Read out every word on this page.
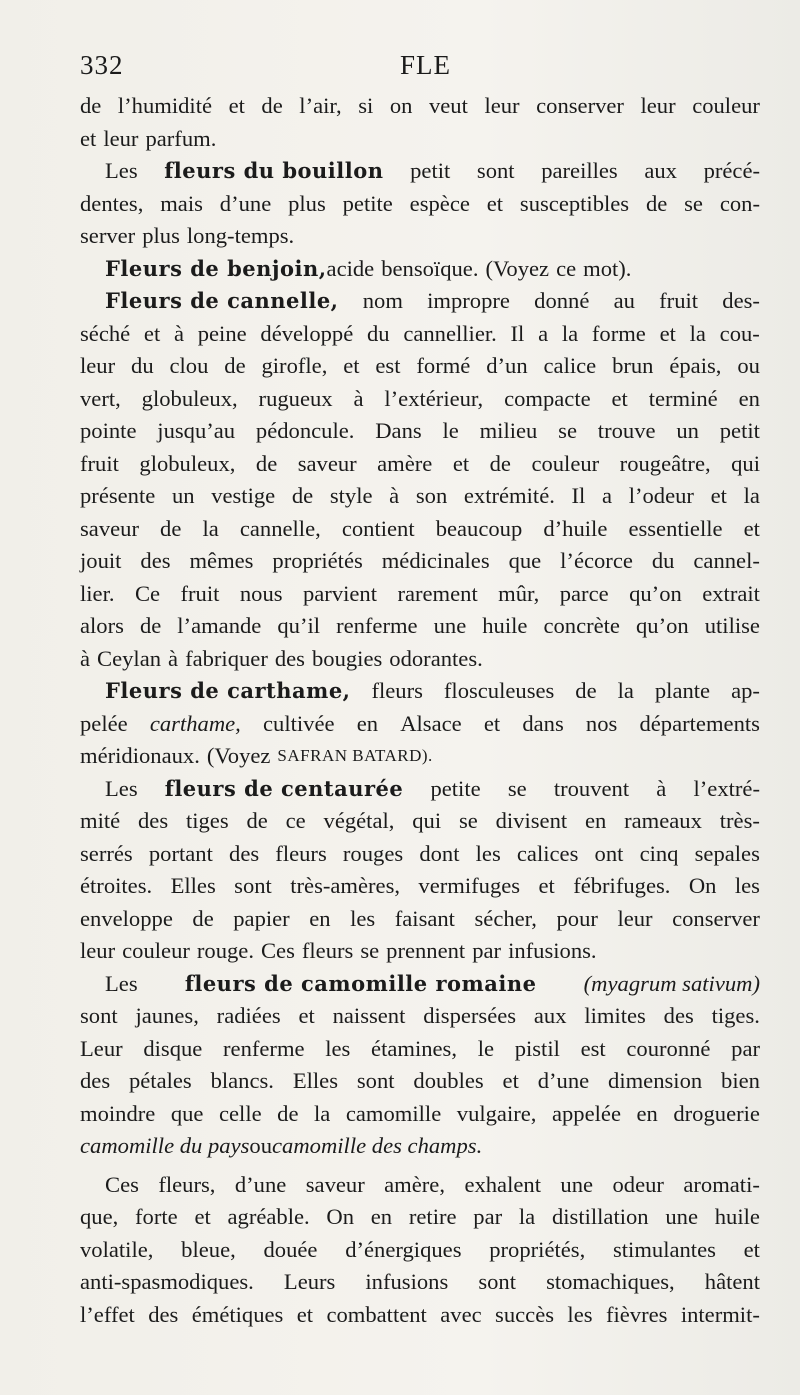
332	FLE
de l’humidité et de l’air, si on veut leur conserver leur couleur
et leur parfum.
Les fleurs du bouillon petit sont pareilles aux précé-
dentes, mais d’une plus petite espèce et susceptibles de se con-
server plus long-temps.
Fleurs de benjoin, acide bensoïque. (Voyez ce mot).
Fleurs de cannelle, nom impropre donné au fruit des-
séché et à peine développé du cannellier. Il a la forme et la cou-
leur du clou de girofle, et est formé d’un calice brun épais, ou
vert, globuleux, rugueux à l’extérieur, compacte et terminé en
pointe jusqu’au pédoncule. Dans le milieu se trouve un petit
fruit globuleux, de saveur amère et de couleur rougeâtre, qui
présente un vestige de style à son extrémité. Il a l’odeur et la
saveur de la cannelle, contient beaucoup d’huile essentielle et
jouit des mêmes propriétés médicinales que l’écorce du cannel-
lier. Ce fruit nous parvient rarement mûr, parce qu’on extrait
alors de l’amande qu’il renferme une huile concrète qu’on utilise
à Ceylan à fabriquer des bougies odorantes.
Fleurs de carthame, fleurs flosculeuses de la plante ap-
pelée carthame, cultivée en Alsace et dans nos départements
méridionaux. (Voyez SAFRAN BATARD).
Les fleurs de centaurée petite se trouvent à l’extré-
mité des tiges de ce végétal, qui se divisent en rameaux très-
serrés portant des fleurs rouges dont les calices ont cinq sepales
étroites. Elles sont très-amères, vermifuges et fébrifuges. On les
enveloppe de papier en les faisant sécher, pour leur conserver
leur couleur rouge. Ces fleurs se prennent par infusions.
Les fleurs de camomille romaine (myagrum sativum)
sont jaunes, radiées et naissent dispersées aux limites des tiges.
Leur disque renferme les étamines, le pistil est couronné par
des pétales blancs. Elles sont doubles et d’une dimension bien
moindre que celle de la camomille vulgaire, appelée en droguerie
camomille du pays ou camomille des champs.
Ces fleurs, d’une saveur amère, exhalent une odeur aromati-
que, forte et agréable. On en retire par la distillation une huile
volatile, bleue, douée d’énergiques propriétés, stimulantes et
anti-spasmodiques. Leurs infusions sont stomachiques, hâtent
l’effet des émétiques et combattent avec succès les fièvres intermit-
